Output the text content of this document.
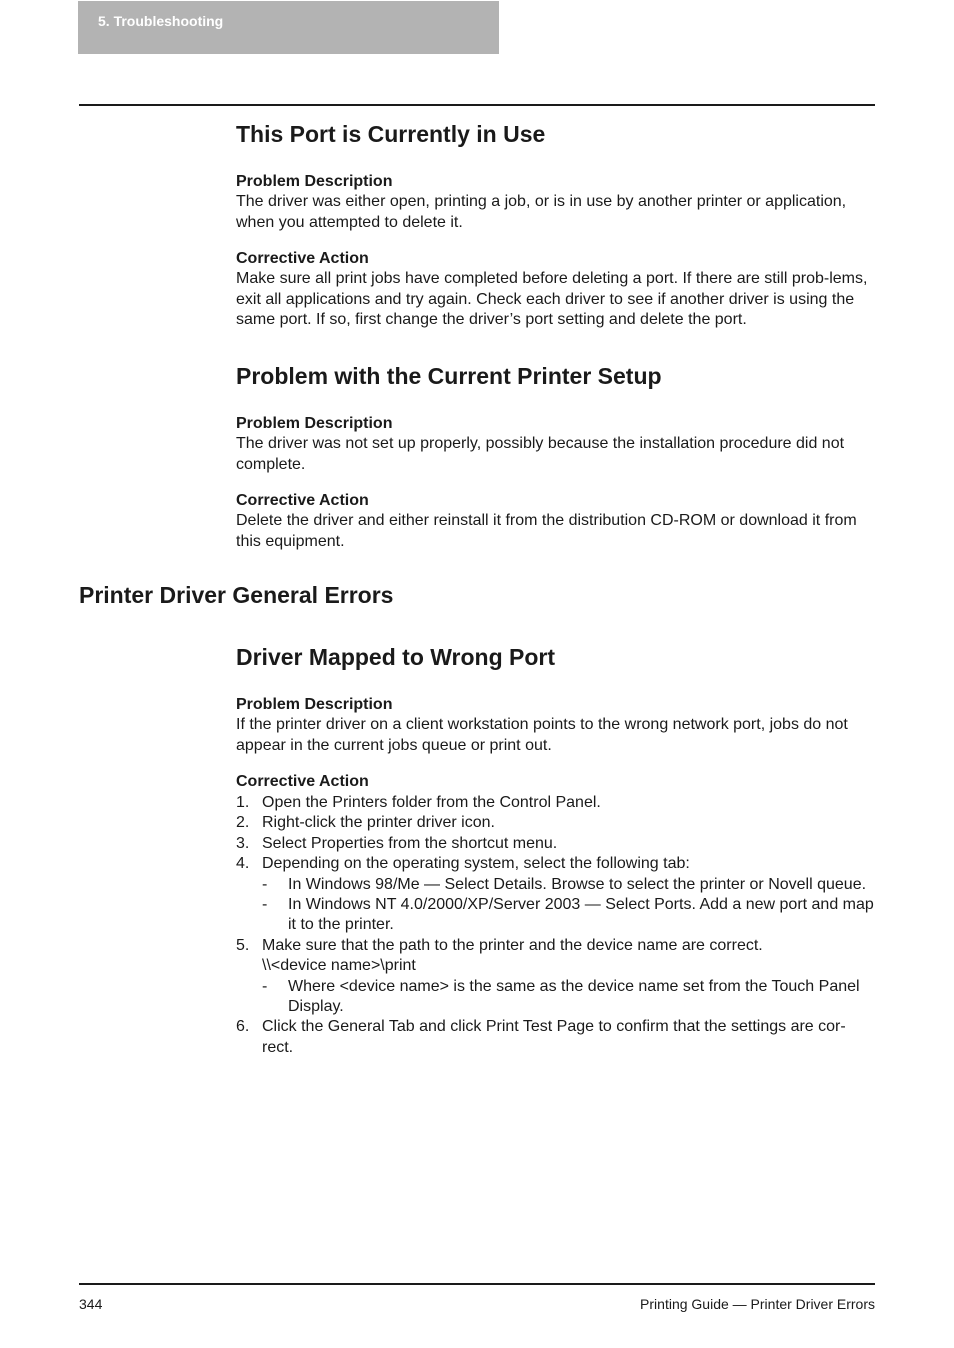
5. Troubleshooting
This Port is Currently in Use

Problem Description

The driver was either open, printing a job, or is in use by another printer or application, when you attempted to delete it.

Corrective Action

Make sure all print jobs have completed before deleting a port. If there are still prob-lems, exit all applications and try again. Check each driver to see if another driver is using the same port. If so, first change the driver’s port setting and delete the port.

Problem with the Current Printer Setup

Problem Description

The driver was not set up properly, possibly because the installation procedure did not complete.

Corrective Action

Delete the driver and either reinstall it from the distribution CD-ROM or download it from this equipment.

Printer Driver General Errors
Driver Mapped to Wrong Port

Problem Description

If the printer driver on a client workstation points to the wrong network port, jobs do not appear in the current jobs queue or print out.

Corrective Action

1. Open the Printers folder from the Control Panel.
2. Right-click the printer driver icon.
3. Select Properties from the shortcut menu.
4. Depending on the operating system, select the following tab:
- In Windows 98/Me — Select Details. Browse to select the printer or Novell queue.
- In Windows NT 4.0/2000/XP/Server 2003 — Select Ports. Add a new port and map it to the printer.
5. Make sure that the path to the printer and the device name are correct.
\\<device name>\print
- Where <device name> is the same as the device name set from the Touch Panel Display.
6. Click the General Tab and click Print Test Page to confirm that the settings are cor-rect.
344	Printing Guide — Printer Driver Errors
